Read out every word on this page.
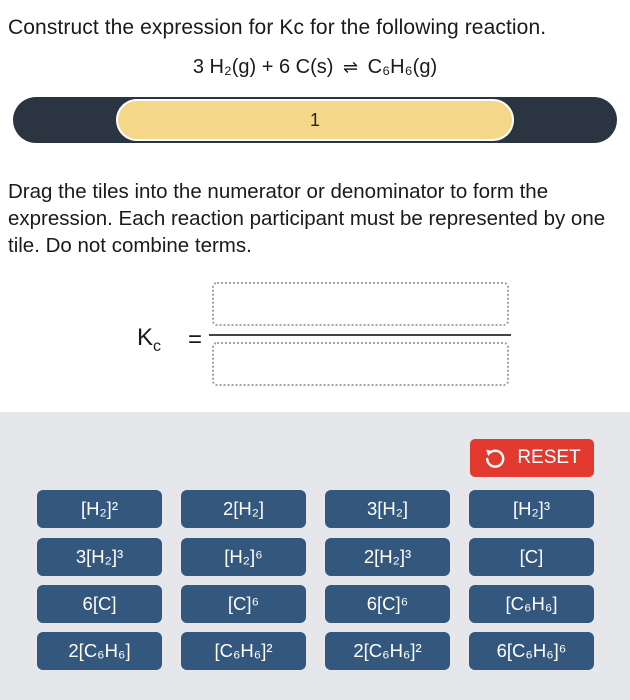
Construct the expression for Kc for the following reaction.
3 H₂(g) + 6 C(s) ⇌ C₆H₆(g)
1
Drag the tiles into the numerator or denominator to form the expression. Each reaction participant must be represented by one tile. Do not combine terms.
$K_c$ =
RESET
[H₂]²	2[H₂]	3[H₂]	[H₂]³
3[H₂]³	[H₂]⁶	2[H₂]³	[C]
6[C]	[C]⁶	6[C]⁶	[C₆H₆]
2[C₆H₆]	[C₆H₆]²	2[C₆H₆]²	6[C₆H₆]⁶
